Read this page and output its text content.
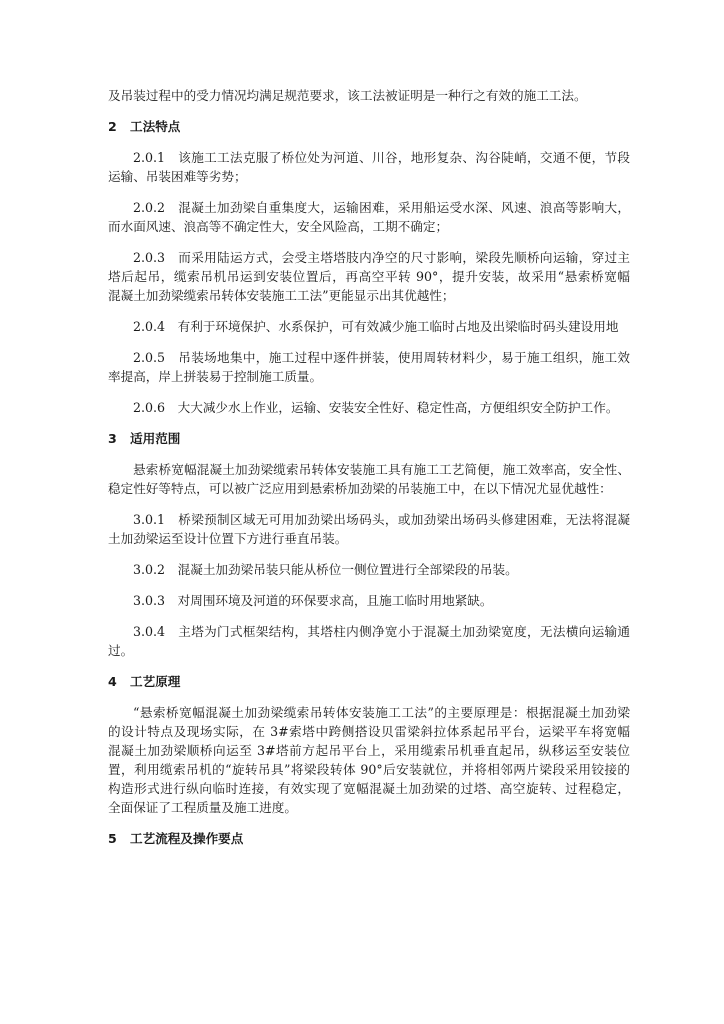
及吊装过程中的受力情况均满足规范要求，该工法被证明是一种行之有效的施工工法。

2 工法特点

2.0.1　该施工工法克服了桥位处为河道、川谷，地形复杂、沟谷陡峭，交通不便，节段

运输、吊装困难等劣势；

2.0.2　混凝土加劲梁自重集度大，运输困难，采用船运受水深、风速、浪高等影响大，

而水面风速、浪高等不确定性大，安全风险高，工期不确定；

2.0.3　而采用陆运方式，会受主塔塔肢内净空的尺寸影响，梁段先顺桥向运输，穿过主

塔后起吊，缆索吊机吊运到安装位置后，再高空平转 90°，提升安装，故采用“悬索桥宽幅

混凝土加劲梁缆索吊转体安装施工工法”更能显示出其优越性；

2.0.4　有利于环境保护、水系保护，可有效减少施工临时占地及出梁临时码头建设用地

2.0.5　吊装场地集中，施工过程中逐件拼装，使用周转材料少，易于施工组织，施工效

率提高，岸上拼装易于控制施工质量。

2.0.6　大大减少水上作业，运输、安装安全性好、稳定性高，方便组织安全防护工作。

3 适用范围

悬索桥宽幅混凝土加劲梁缆索吊转体安装施工具有施工工艺简便，施工效率高，安全性、

稳定性好等特点，可以被广泛应用到悬索桥加劲梁的吊装施工中，在以下情况尤显优越性：

3.0.1　桥梁预制区域无可用加劲梁出场码头，或加劲梁出场码头修建困难，无法将混凝

土加劲梁运至设计位置下方进行垂直吊装。

3.0.2　混凝土加劲梁吊装只能从桥位一侧位置进行全部梁段的吊装。

3.0.3　对周围环境及河道的环保要求高，且施工临时用地紧缺。

3.0.4　主塔为门式框架结构，其塔柱内侧净宽小于混凝土加劲梁宽度，无法横向运输通

过。

4 工艺原理

“悬索桥宽幅混凝土加劲梁缆索吊转体安装施工工法”的主要原理是：根据混凝土加劲梁

的设计特点及现场实际，在 3#索塔中跨侧搭设贝雷梁斜拉体系起吊平台，运梁平车将宽幅

混凝土加劲梁顺桥向运至 3#塔前方起吊平台上，采用缆索吊机垂直起吊，纵移运至安装位

置，利用缆索吊机的“旋转吊具”将梁段转体 90°后安装就位，并将相邻两片梁段采用铰接的

构造形式进行纵向临时连接，有效实现了宽幅混凝土加劲梁的过塔、高空旋转、过程稳定，

全面保证了工程质量及施工进度。

5 工艺流程及操作要点
